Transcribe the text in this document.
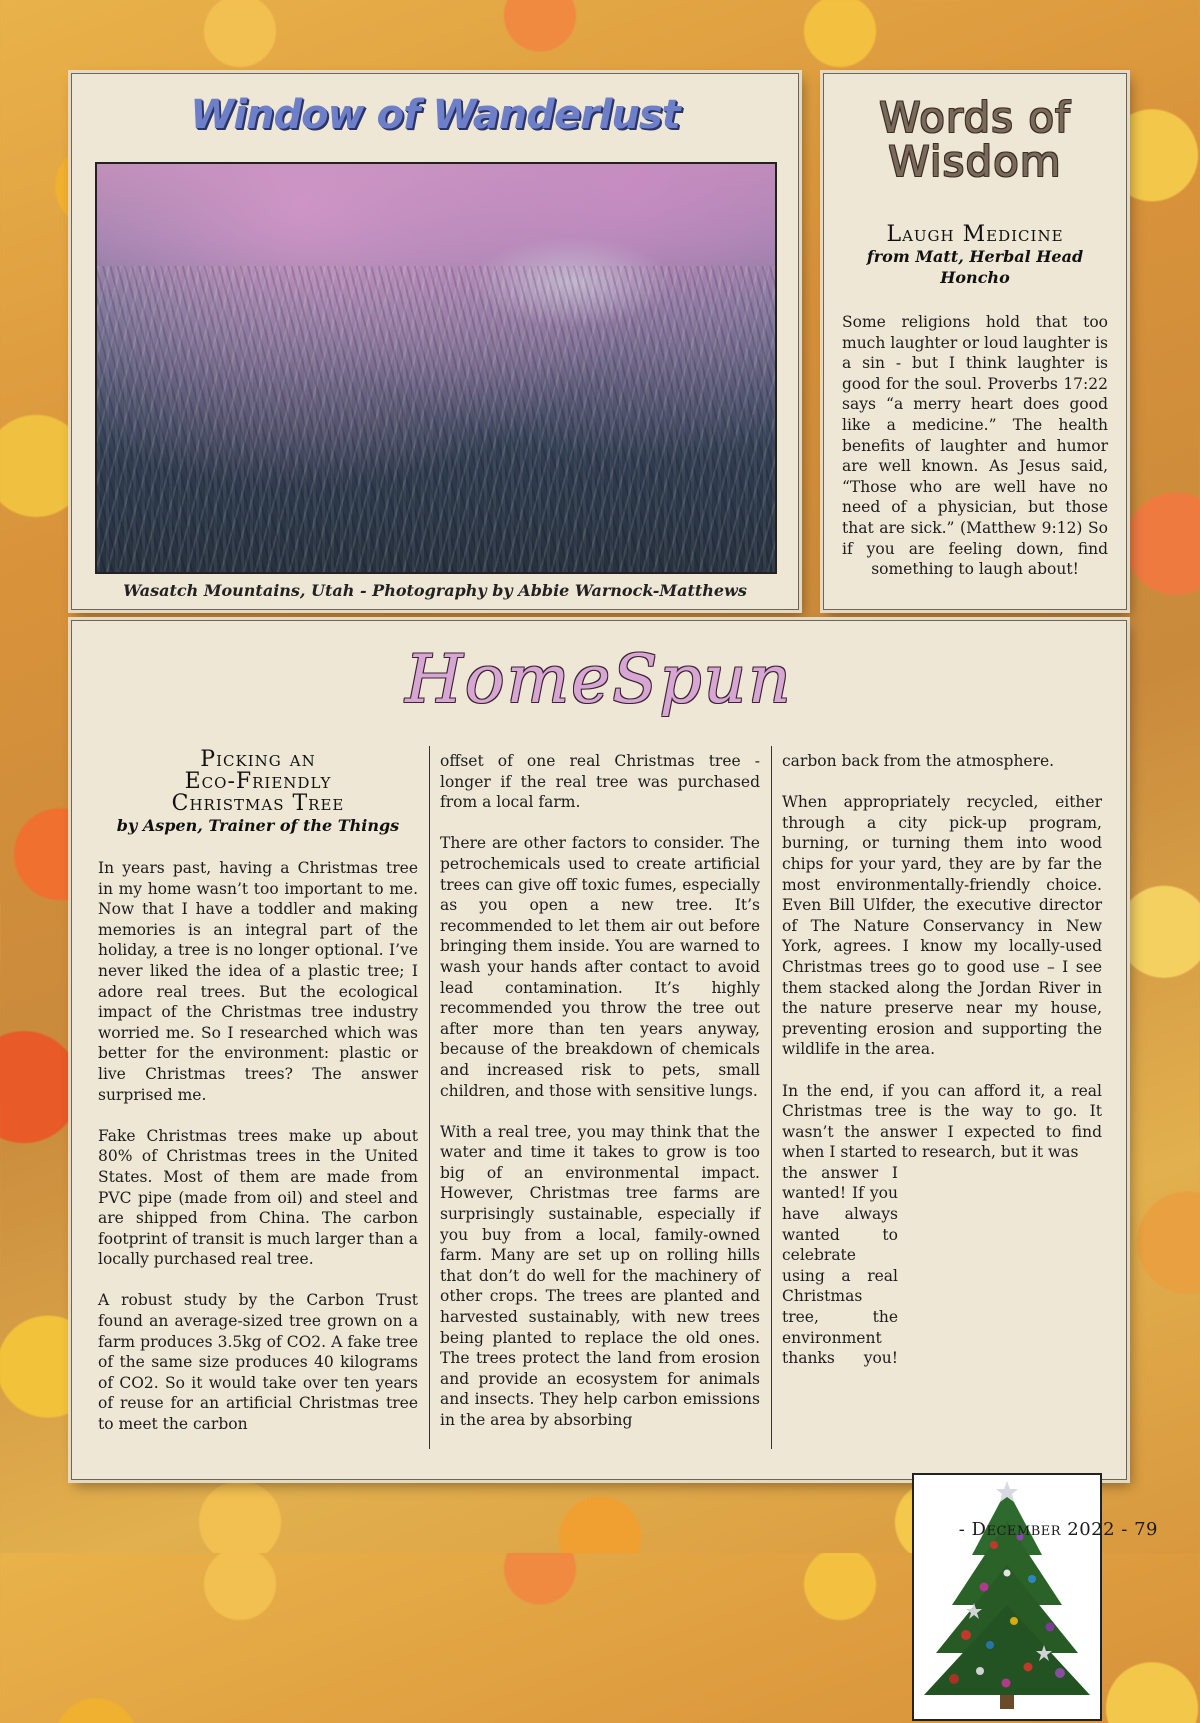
Window of Wanderlust
Wasatch Mountains, Utah - Photography by Abbie Warnock-Matthews
Words of
Wisdom
Laugh Medicine
from Matt, Herbal Head Honcho

Some religions hold that too much laughter or loud laughter is a sin - but I think laughter is good for the soul. Proverbs 17:22 says “a merry heart does good like a medicine.” The health benefits of laughter and humor are well known. As Jesus said, “Those who are well have no need of a physician, but those that are sick.” (Matthew 9:12) So if you are feeling down, find something to laugh about!

HomeSpun
Picking an
Eco-Friendly
Christmas Tree
by Aspen, Trainer of the Things

In years past, having a Christmas tree in my home wasn’t too important to me. Now that I have a toddler and making memories is an integral part of the holiday, a tree is no longer optional. I’ve never liked the idea of a plastic tree; I adore real trees. But the ecological impact of the Christmas tree industry worried me. So I researched which was better for the environment: plastic or live Christmas trees? The answer surprised me.

Fake Christmas trees make up about 80% of Christmas trees in the United States. Most of them are made from PVC pipe (made from oil) and steel and are shipped from China. The carbon footprint of transit is much larger than a locally purchased real tree.

A robust study by the Carbon Trust found an average-sized tree grown on a farm produces 3.5kg of CO2. A fake tree of the same size produces 40 kilograms of CO2. So it would take over ten years of reuse for an artificial Christmas tree to meet the carbon

offset of one real Christmas tree - longer if the real tree was purchased from a local farm.

There are other factors to consider. The petrochemicals used to create artificial trees can give off toxic fumes, especially as you open a new tree. It’s recommended to let them air out before bringing them inside. You are warned to wash your hands after contact to avoid lead contamination. It’s highly recommended you throw the tree out after more than ten years anyway, because of the breakdown of chemicals and increased risk to pets, small children, and those with sensitive lungs.

With a real tree, you may think that the water and time it takes to grow is too big of an environmental impact. However, Christmas tree farms are surprisingly sustainable, especially if you buy from a local, family-owned farm. Many are set up on rolling hills that don’t do well for the machinery of other crops. The trees are planted and harvested sustainably, with new trees being planted to replace the old ones. The trees protect the land from erosion and provide an ecosystem for animals and insects. They help carbon emissions in the area by absorbing

carbon back from the atmosphere.

When appropriately recycled, either through a city pick-up program, burning, or turning them into wood chips for your yard, they are by far the most environmentally-friendly choice. Even Bill Ulfder, the executive director of The Nature Conservancy in New York, agrees. I know my locally-used Christmas trees go to good use – I see them stacked along the Jordan River in the nature preserve near my house, preventing erosion and supporting the wildlife in the area.

In the end, if you can afford it, a real Christmas tree is the way to go. It wasn’t the answer I expected to find when I started to research, but it was

the answer I wanted! If you have always wanted to celebrate using a real Christmas tree, the environment thanks you!

- December 2022 - 79
